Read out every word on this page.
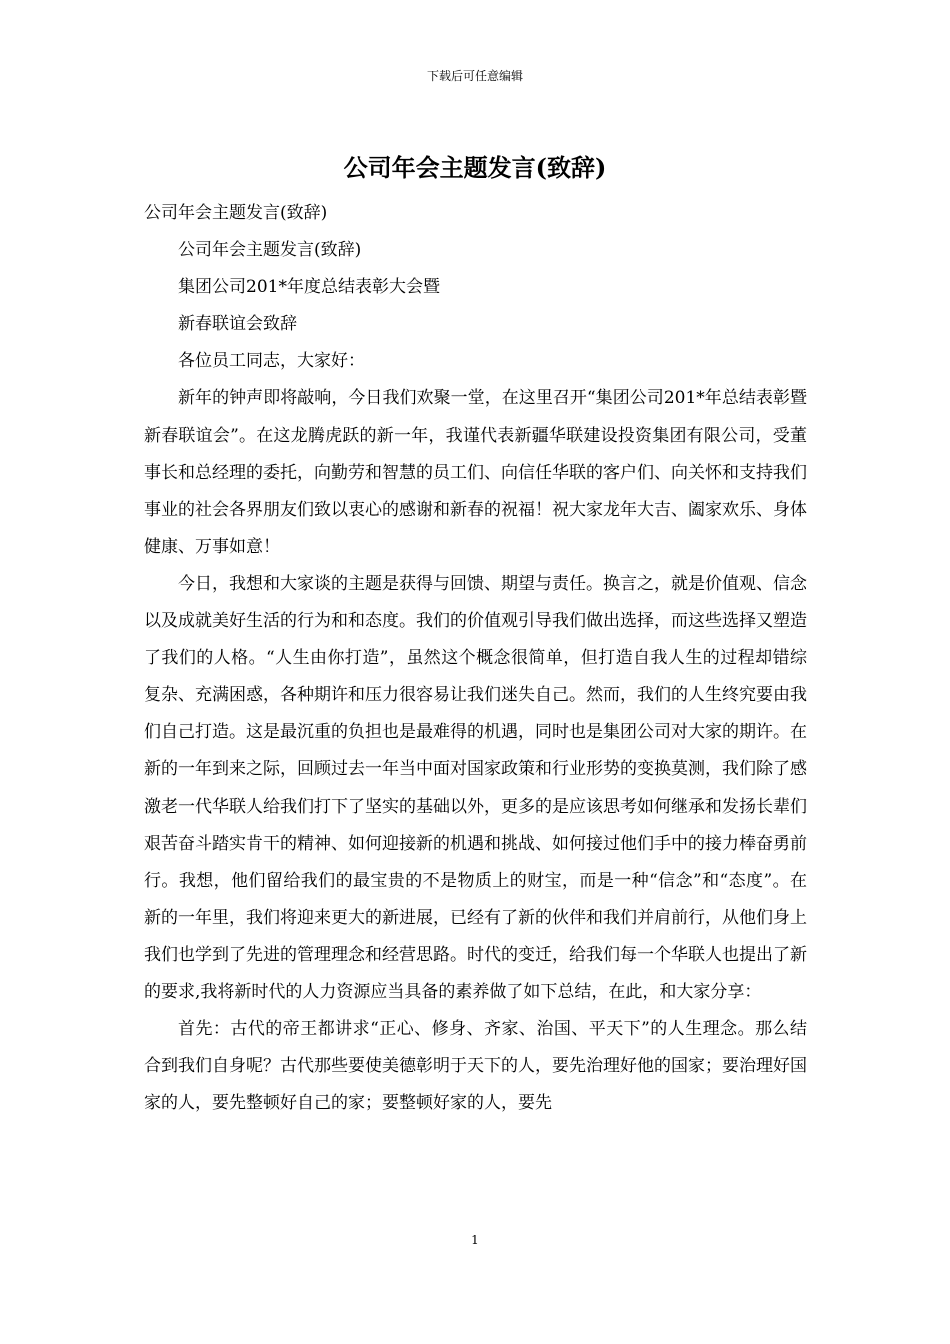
下载后可任意编辑
公司年会主题发言(致辞)

公司年会主题发言(致辞)

公司年会主题发言(致辞)

集团公司201*年度总结表彰大会暨

新春联谊会致辞

各位员工同志，大家好：

新年的钟声即将敲响，今日我们欢聚一堂，在这里召开“集团公司201*年总结表彰暨新春联谊会”。在这龙腾虎跃的新一年，我谨代表新疆华联建设投资集团有限公司，受董事长和总经理的委托，向勤劳和智慧的员工们、向信任华联的客户们、向关怀和支持我们事业的社会各界朋友们致以衷心的感谢和新春的祝福！祝大家龙年大吉、阖家欢乐、身体健康、万事如意！

今日，我想和大家谈的主题是获得与回馈、期望与责任。换言之，就是价值观、信念以及成就美好生活的行为和和态度。我们的价值观引导我们做出选择，而这些选择又塑造了我们的人格。“人生由你打造”，虽然这个概念很简单，但打造自我人生的过程却错综复杂、充满困惑，各种期许和压力很容易让我们迷失自己。然而，我们的人生终究要由我们自己打造。这是最沉重的负担也是最难得的机遇，同时也是集团公司对大家的期许。在新的一年到来之际，回顾过去一年当中面对国家政策和行业形势的变换莫测，我们除了感激老一代华联人给我们打下了坚实的基础以外，更多的是应该思考如何继承和发扬长辈们艰苦奋斗踏实肯干的精神、如何迎接新的机遇和挑战、如何接过他们手中的接力棒奋勇前行。我想，他们留给我们的最宝贵的不是物质上的财宝，而是一种“信念”和“态度”。在新的一年里，我们将迎来更大的新进展，已经有了新的伙伴和我们并肩前行，从他们身上我们也学到了先进的管理理念和经营思路。时代的变迁，给我们每一个华联人也提出了新的要求,我将新时代的人力资源应当具备的素养做了如下总结，在此，和大家分享：

首先：古代的帝王都讲求“正心、修身、齐家、治国、平天下”的人生理念。那么结合到我们自身呢？古代那些要使美德彰明于天下的人，要先治理好他的国家；要治理好国家的人，要先整顿好自己的家；要整顿好家的人，要先

1
